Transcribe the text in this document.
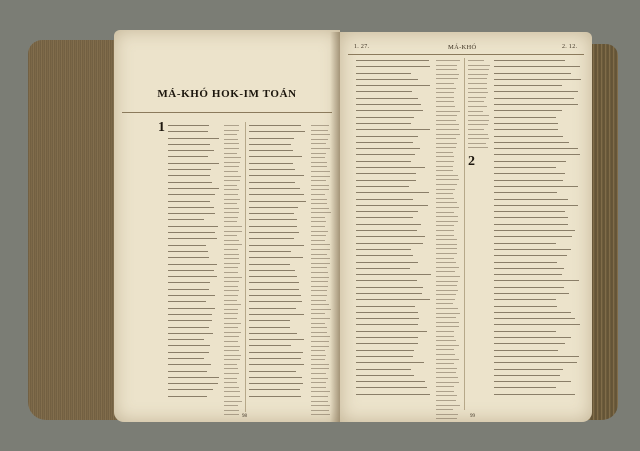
MÁ-KHÓ HOK-IM TOÁN
1
98
1. 27.	MÁ-KHÓ	2. 12.
2
99
